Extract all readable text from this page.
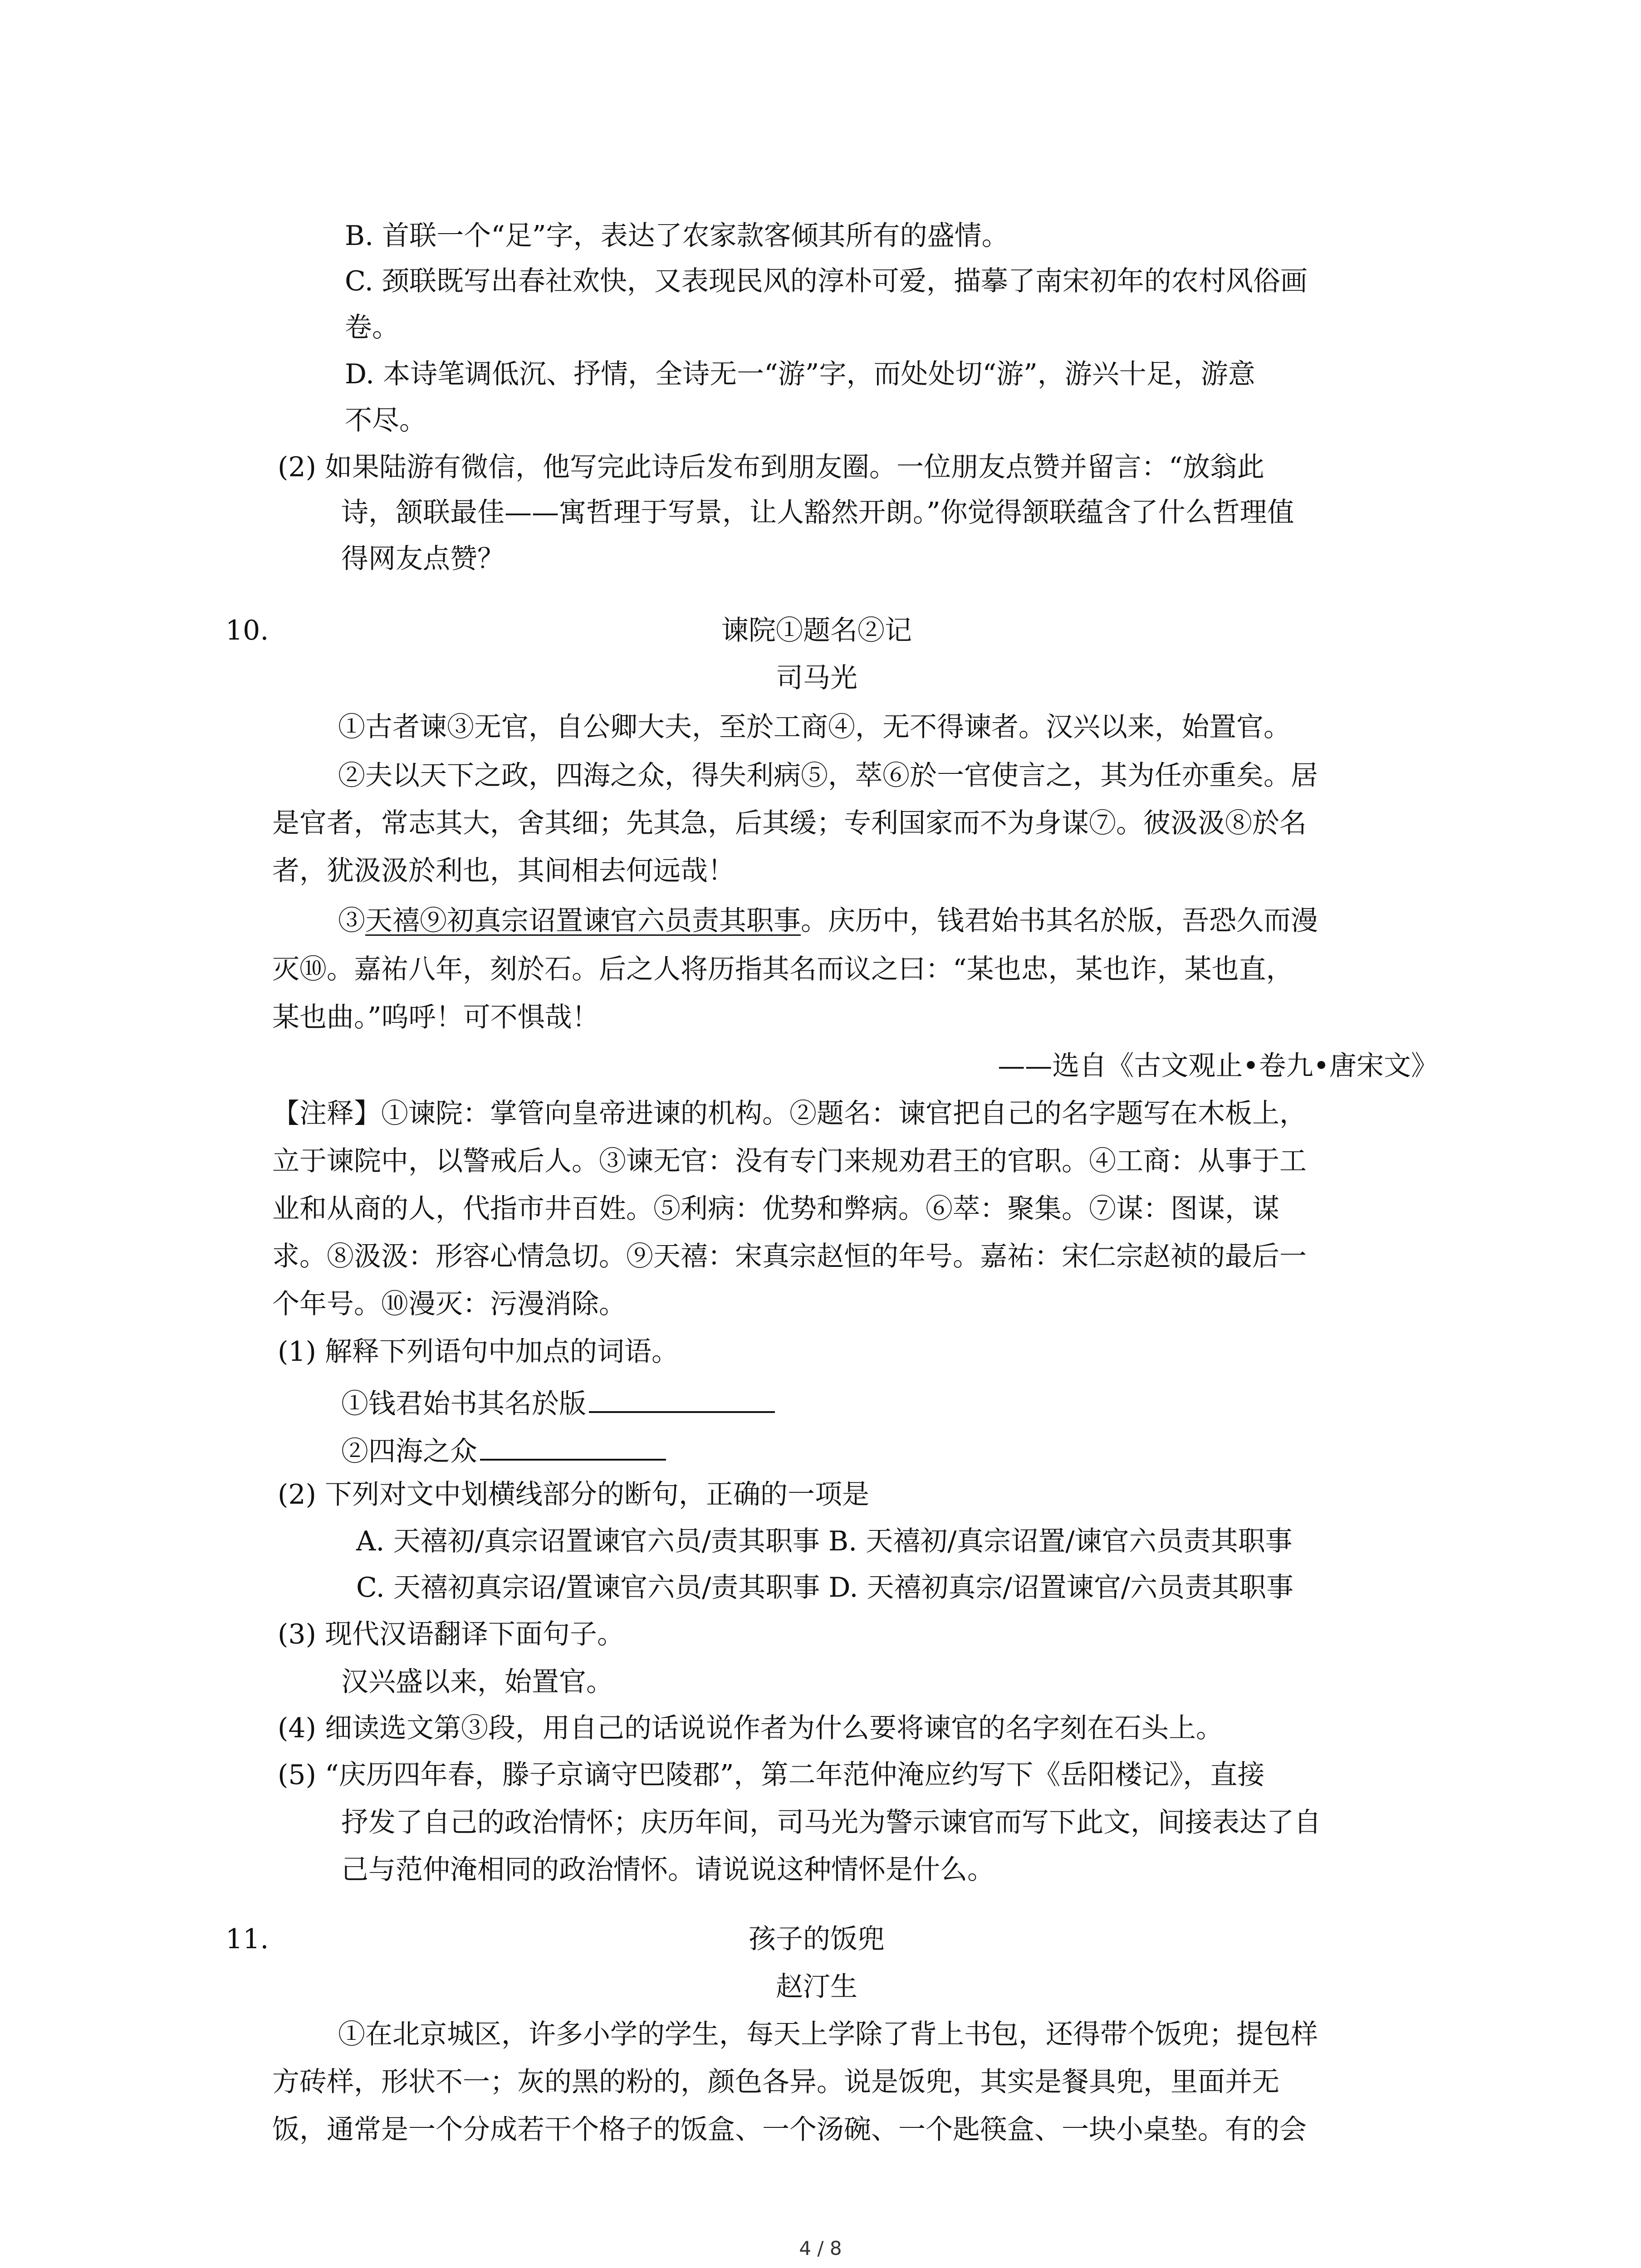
B. 首联一个“足”字，表达了农家款客倾其所有的盛情。
C. 颈联既写出春社欢快，又表现民风的淳朴可爱，描摹了南宋初年的农村风俗画
卷。
D. 本诗笔调低沉、抒情，全诗无一“游”字，而处处切“游”，游兴十足，游意
不尽。
(2) 如果陆游有微信，他写完此诗后发布到朋友圈。一位朋友点赞并留言：“放翁此
诗，颔联最佳——寓哲理于写景，让人豁然开朗。”你觉得颔联蕴含了什么哲理值
得网友点赞？
10.	谏院①题名②记
司马光
①古者谏③无官，自公卿大夫，至於工商④，无不得谏者。汉兴以来，始置官。
②夫以天下之政，四海之众，得失利病⑤，萃⑥於一官使言之，其为任亦重矣。居
是官者，常志其大，舍其细；先其急，后其缓；专利国家而不为身谋⑦。彼汲汲⑧於名
者，犹汲汲於利也，其间相去何远哉！
③天禧⑨初真宗诏置谏官六员责其职事。庆历中，钱君始书其名於版，吾恐久而漫
灭⑩。嘉祐八年，刻於石。后之人将历指其名而议之曰：“某也忠，某也诈，某也直，
某也曲。”呜呼！可不惧哉！
——选自《古文观止•卷九•唐宋文》
【注释】①谏院：掌管向皇帝进谏的机构。②题名：谏官把自己的名字题写在木板上，
立于谏院中，以警戒后人。③谏无官：没有专门来规劝君王的官职。④工商：从事于工
业和从商的人，代指市井百姓。⑤利病：优势和弊病。⑥萃：聚集。⑦谋：图谋，谋
求。⑧汲汲：形容心情急切。⑨天禧：宋真宗赵恒的年号。嘉祐：宋仁宗赵祯的最后一
个年号。⑩漫灭：污漫消除。
(1) 解释下列语句中加点的词语。
①钱君始书其名於版
②四海之众
(2) 下列对文中划横线部分的断句，正确的一项是
A. 天禧初/真宗诏置谏官六员/责其职事 B. 天禧初/真宗诏置/谏官六员责其职事
C. 天禧初真宗诏/置谏官六员/责其职事 D. 天禧初真宗/诏置谏官/六员责其职事
(3) 现代汉语翻译下面句子。
汉兴盛以来，始置官。
(4) 细读选文第③段，用自己的话说说作者为什么要将谏官的名字刻在石头上。
(5) “庆历四年春，滕子京谪守巴陵郡”，第二年范仲淹应约写下《岳阳楼记》，直接
抒发了自己的政治情怀；庆历年间，司马光为警示谏官而写下此文，间接表达了自
己与范仲淹相同的政治情怀。请说说这种情怀是什么。
11.	孩子的饭兜
赵汀生
①在北京城区，许多小学的学生，每天上学除了背上书包，还得带个饭兜；提包样
方砖样，形状不一；灰的黑的粉的，颜色各异。说是饭兜，其实是餐具兜，里面并无
饭，通常是一个分成若干个格子的饭盒、一个汤碗、一个匙筷盒、一块小桌垫。有的会
4 / 8
